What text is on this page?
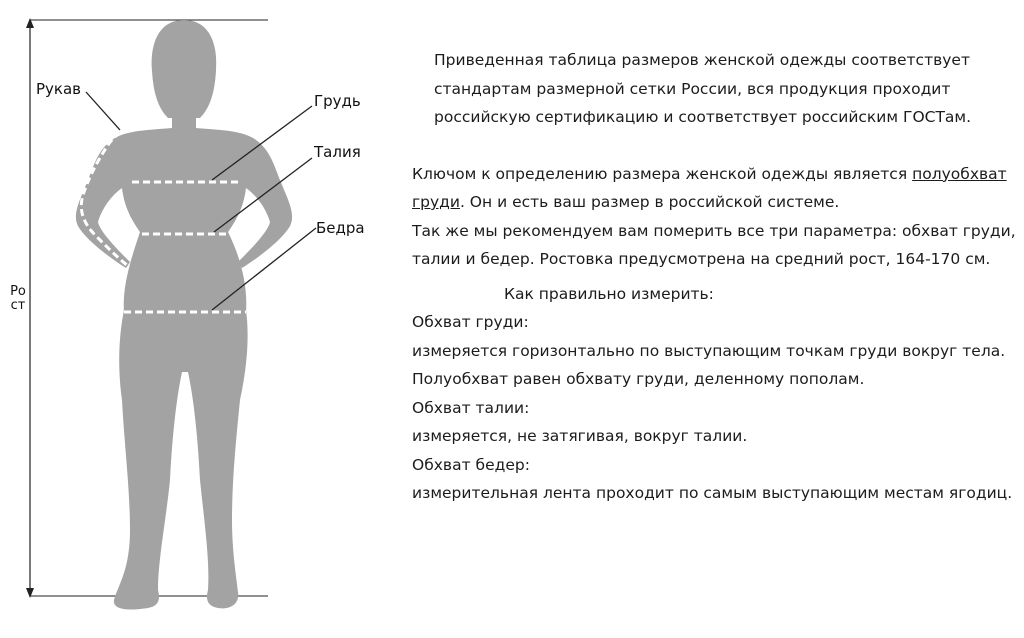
Рукав
Грудь
Талия
Бедра
Рост

Приведенная таблица размеров женской одежды соответствует стандартам размерной сетки России, вся продукция проходит российскую сертификацию и соответствует российским ГОСТам.

Ключом к определению размера женской одежды является полуобхват груди. Он и есть ваш размер в российской системе.

Так же мы рекомендуем вам померить все три параметра: обхват груди, талии и бедер. Ростовка предусмотрена на средний рост, 164-170 см.

Как правильно измерить:

Обхват груди:

измеряется горизонтально по выступающим точкам груди вокруг тела. Полуобхват равен обхвату груди, деленному пополам.

Обхват талии:

измеряется, не затягивая, вокруг талии.

Обхват бедер:

измерительная лента проходит по самым выступающим местам ягодиц.
